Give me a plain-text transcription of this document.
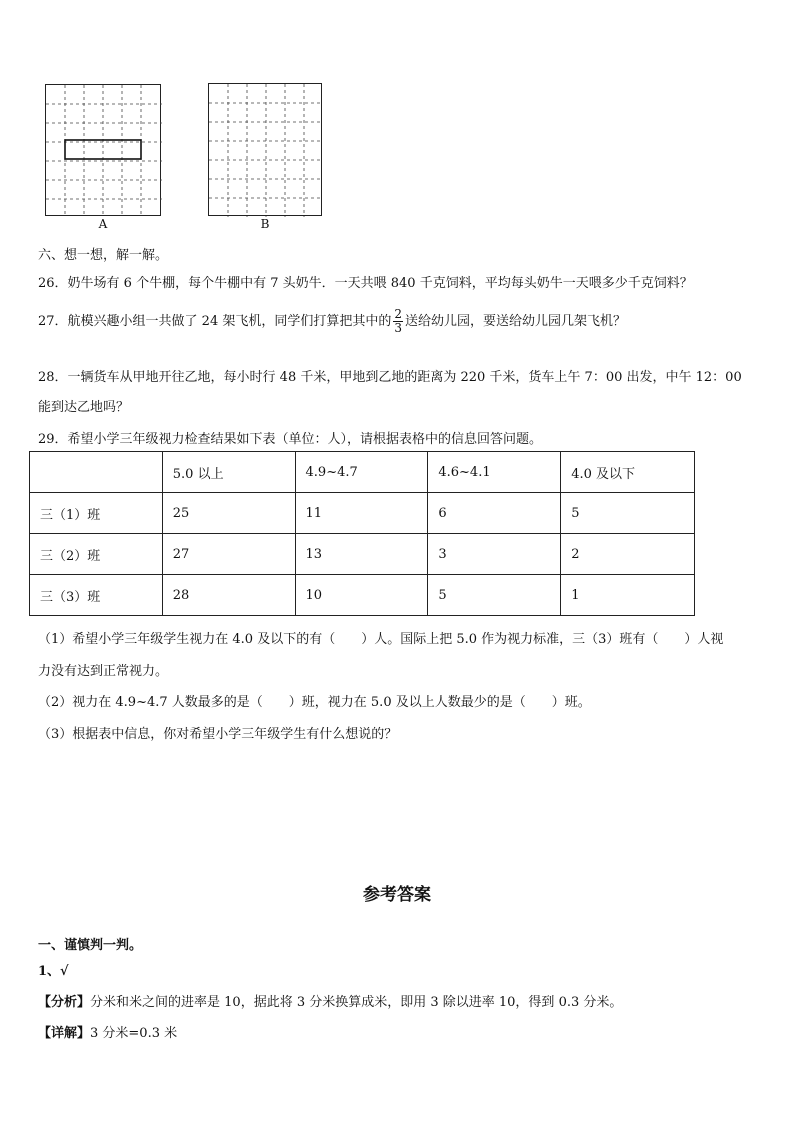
A	B
六、想一想，解一解。
26．奶牛场有 6 个牛棚，每个牛棚中有 7 头奶牛．一天共喂 840 千克饲料，平均每头奶牛一天喂多少千克饲料？
27．航模兴趣小组一共做了 24 架飞机，同学们打算把其中的 $\frac{2}{3}$ 送给幼儿园，要送给幼儿园几架飞机？
28．一辆货车从甲地开往乙地，每小时行 48 千米，甲地到乙地的距离为 220 千米，货车上午 7：00 出发，中午 12：00
能到达乙地吗？
29．希望小学三年级视力检查结果如下表（单位：人），请根据表格中的信息回答问题。
	5.0 以上	4.9~4.7	4.6~4.1	4.0 及以下
三（1）班	25	11	6	5
三（2）班	27	13	3	2
三（3）班	28	10	5	1
（1）希望小学三年级学生视力在 4.0 及以下的有（　　）人。国际上把 5.0 作为视力标准，三（3）班有（　　）人视
力没有达到正常视力。
（2）视力在 4.9~4.7 人数最多的是（　　）班，视力在 5.0 及以上人数最少的是（　　）班。
（3）根据表中信息，你对希望小学三年级学生有什么想说的？
参考答案
一、谨慎判一判。
1、√
【分析】分米和米之间的进率是 10，据此将 3 分米换算成米，即用 3 除以进率 10，得到 0.3 分米。
【详解】3 分米=0.3 米
